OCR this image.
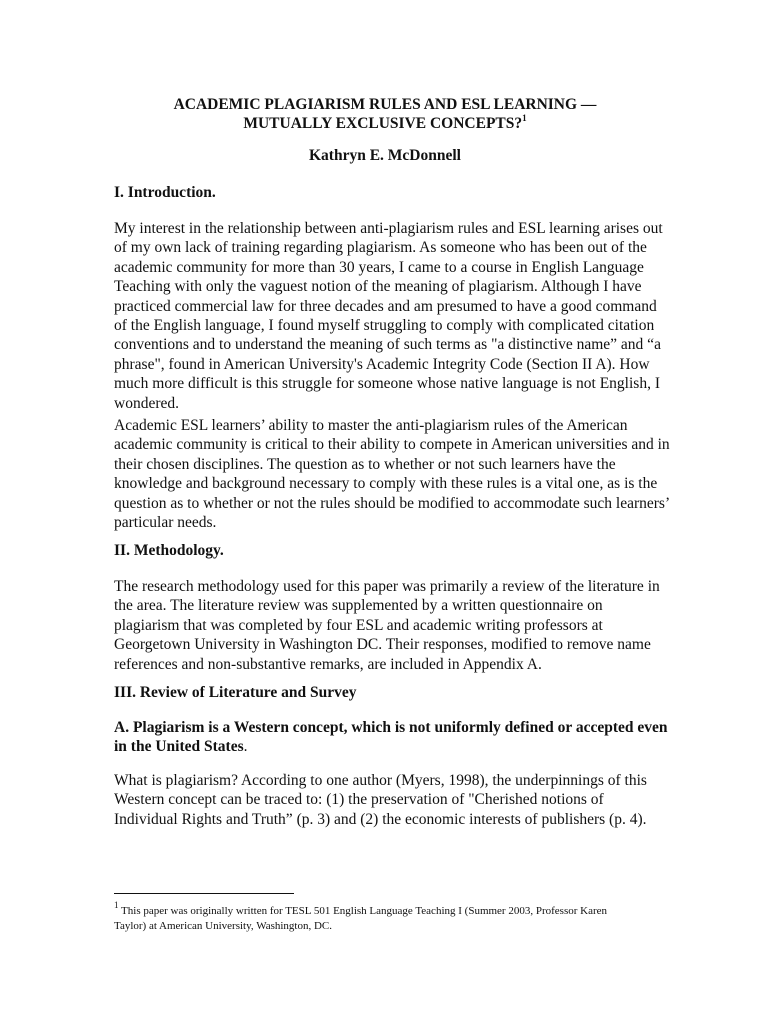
ACADEMIC PLAGIARISM RULES AND ESL LEARNING —
MUTUALLY EXCLUSIVE CONCEPTS?$^1$
Kathryn E. McDonnell
I. Introduction.
My interest in the relationship between anti-plagiarism rules and ESL learning arises out
of my own lack of training regarding plagiarism. As someone who has been out of the
academic community for more than 30 years, I came to a course in English Language
Teaching with only the vaguest notion of the meaning of plagiarism. Although I have
practiced commercial law for three decades and am presumed to have a good command
of the English language, I found myself struggling to comply with complicated citation
conventions and to understand the meaning of such terms as "a distinctive name” and “a
phrase", found in American University's Academic Integrity Code (Section II A). How
much more difficult is this struggle for someone whose native language is not English, I
wondered.
Academic ESL learners’ ability to master the anti-plagiarism rules of the American
academic community is critical to their ability to compete in American universities and in
their chosen disciplines. The question as to whether or not such learners have the
knowledge and background necessary to comply with these rules is a vital one, as is the
question as to whether or not the rules should be modified to accommodate such learners’
particular needs.
II. Methodology.
The research methodology used for this paper was primarily a review of the literature in
the area. The literature review was supplemented by a written questionnaire on
plagiarism that was completed by four ESL and academic writing professors at
Georgetown University in Washington DC. Their responses, modified to remove name
references and non-substantive remarks, are included in Appendix A.
III. Review of Literature and Survey
A. Plagiarism is a Western concept, which is not uniformly defined or accepted even
in the United States.
What is plagiarism? According to one author (Myers, 1998), the underpinnings of this
Western concept can be traced to: (1) the preservation of "Cherished notions of
Individual Rights and Truth” (p. 3) and (2) the economic interests of publishers (p. 4).
$^1$ This paper was originally written for TESL 501 English Language Teaching I (Summer 2003, Professor Karen
Taylor) at American University, Washington, DC.
